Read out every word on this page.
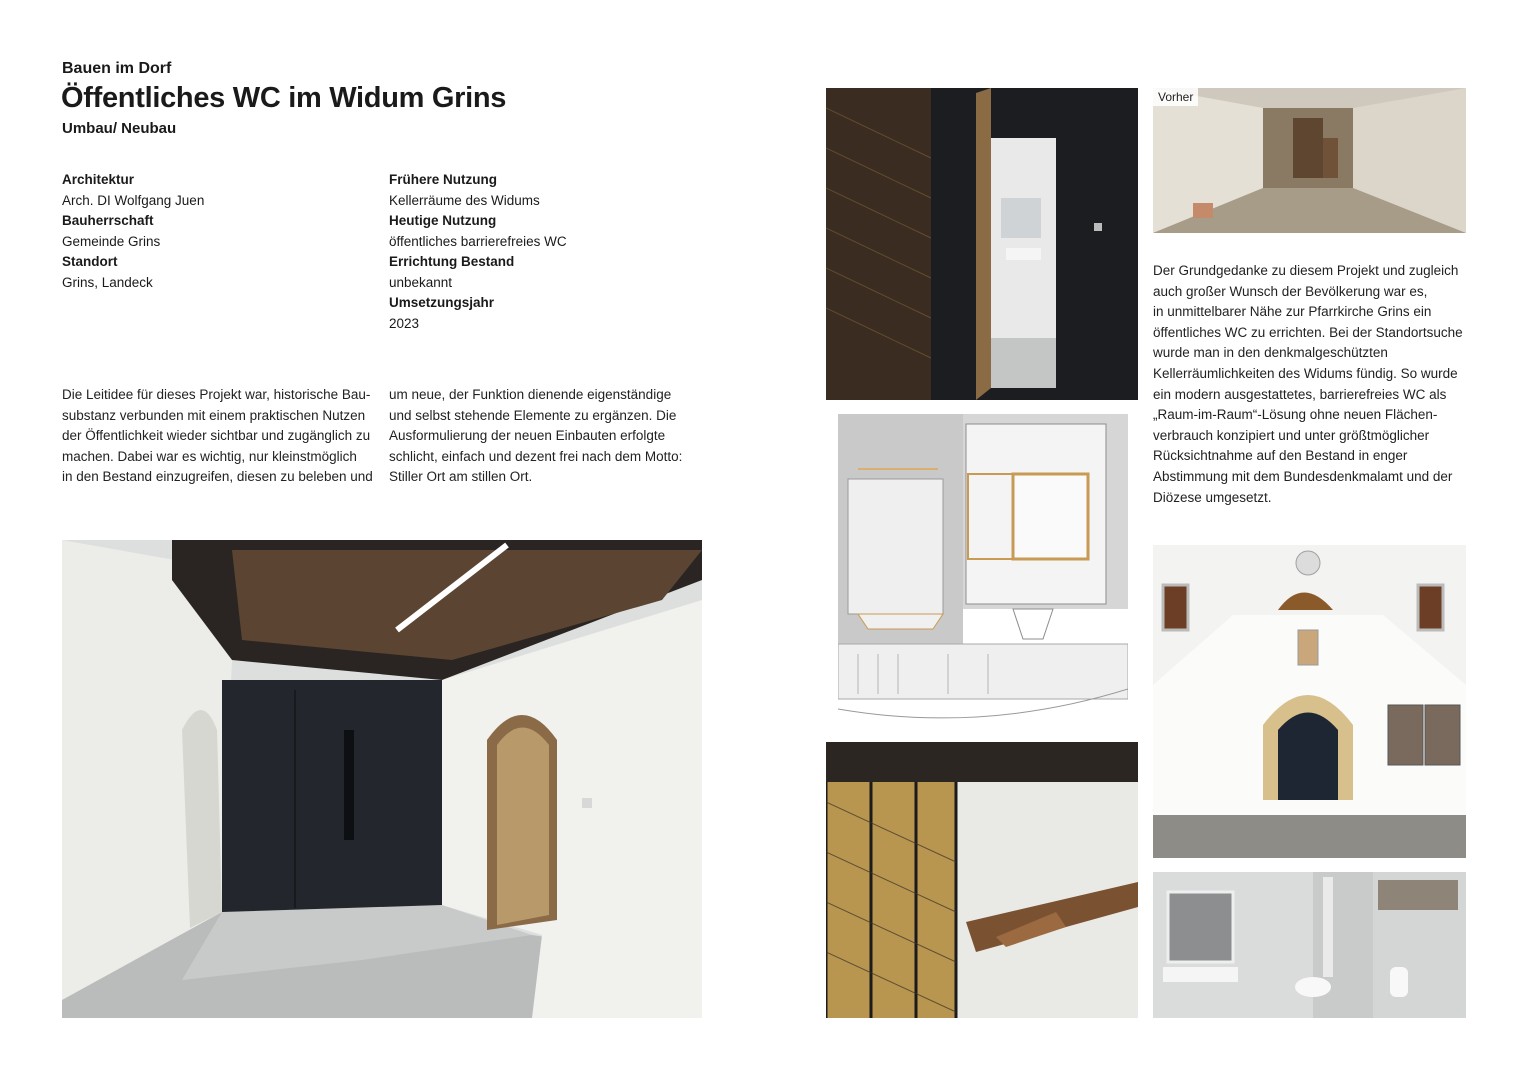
Bauen im Dorf
Öffentliches WC im Widum Grins
Umbau/ Neubau
Architektur
Arch. DI Wolfgang Juen
Bauherrschaft
Gemeinde Grins
Standort
Grins, Landeck
Frühere Nutzung
Kellerräume des Widums
Heutige Nutzung
öffentliches barrierefreies WC
Errichtung Bestand
unbekannt
Umsetzungsjahr
2023
Die Leitidee für dieses Projekt war, historische Bau-
substanz verbunden mit einem praktischen Nutzen
der Öffentlichkeit wieder sichtbar und zugänglich zu
machen. Dabei war es wichtig, nur kleinstmöglich
in den Bestand einzugreifen, diesen zu beleben und
um neue, der Funktion dienende eigenständige
und selbst stehende Elemente zu ergänzen. Die
Ausformulierung der neuen Einbauten erfolgte
schlicht, einfach und dezent frei nach dem Motto:
Stiller Ort am stillen Ort.
Der Grundgedanke zu diesem Projekt und zugleich
auch großer Wunsch der Bevölkerung war es,
in unmittelbarer Nähe zur Pfarrkirche Grins ein
öffentliches WC zu errichten. Bei der Standortsuche
wurde man in den denkmalgeschützten
Kellerräumlichkeiten des Widums fündig. So wurde
ein modern ausgestattetes, barrierefreies WC als
„Raum-im-Raum“-Lösung ohne neuen Flächen-
verbrauch konzipiert und unter größtmöglicher
Rücksichtnahme auf den Bestand in enger
Abstimmung mit dem Bundesdenkmalamt und der
Diözese umgesetzt.
Vorher
